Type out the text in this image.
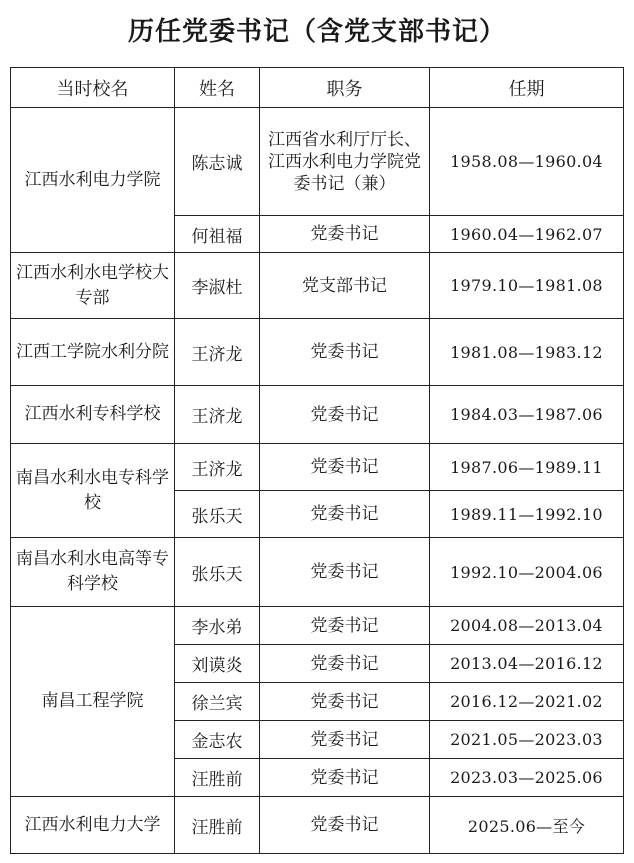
历任党委书记（含党支部书记）
当时校名	姓名	职务	任期
江西水利电力学院	陈志诚	江西省水利厅厅长、江西水利电力学院党委书记（兼）	1958.08—1960.04
	何祖福	党委书记	1960.04—1962.07
江西水利水电学校大专部	李淑杜	党支部书记	1979.10—1981.08
江西工学院水利分院	王济龙	党委书记	1981.08—1983.12
江西水利专科学校	王济龙	党委书记	1984.03—1987.06
南昌水利水电专科学校	王济龙	党委书记	1987.06—1989.11
	张乐天	党委书记	1989.11—1992.10
南昌水利水电高等专科学校	张乐天	党委书记	1992.10—2004.06
南昌工程学院	李水弟	党委书记	2004.08—2013.04
	刘谟炎	党委书记	2013.04—2016.12
	徐兰宾	党委书记	2016.12—2021.02
	金志农	党委书记	2021.05—2023.03
	汪胜前	党委书记	2023.03—2025.06
江西水利电力大学	汪胜前	党委书记	2025.06—至今
